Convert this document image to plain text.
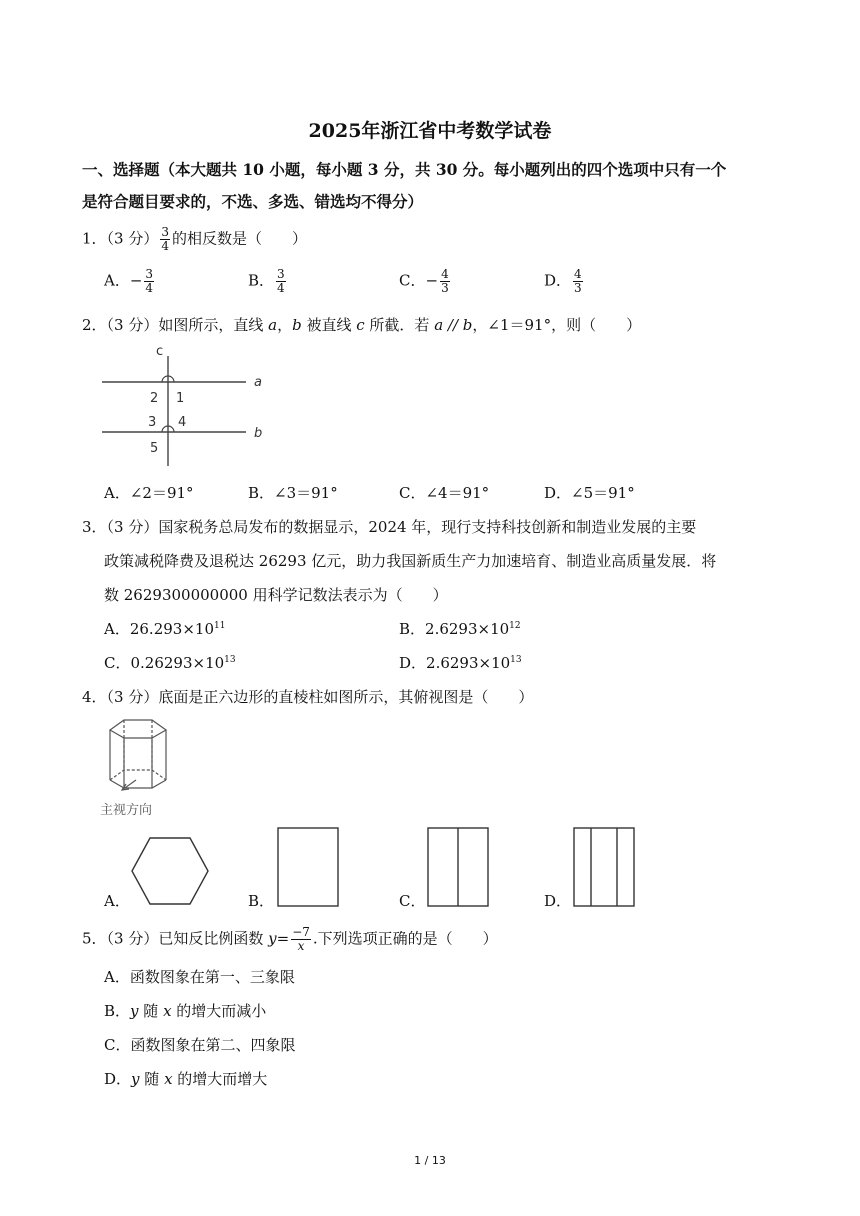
2025年浙江省中考数学试卷
一、选择题（本大题共 10 小题，每小题 3 分，共 30 分。每小题列出的四个选项中只有一个
是符合题目要求的，不选、多选、错选均不得分）
1．（3 分） $\frac{3}{4}$ 的相反数是（　　）
A．− $\frac{3}{4}$	B． $\frac{3}{4}$	C．− $\frac{4}{3}$	D． $\frac{4}{3}$
2．（3 分）如图所示，直线 a，b 被直线 c 所截．若 a // b，∠1＝91°，则（　　）
c
a
b
1
2
3 4
5
A．∠2＝91°	B．∠3＝91°	C．∠4＝91°	D．∠5＝91°
3．（3 分）国家税务总局发布的数据显示，2024 年，现行支持科技创新和制造业发展的主要
政策减税降费及退税达 26293 亿元，助力我国新质生产力加速培育、制造业高质量发展．将
数 2629300000000 用科学记数法表示为（　　）
A．$26.293\times 10^{11}$	B．$2.6293\times 10^{12}$
C．$0.26293\times 10^{13}$	D．$2.6293\times 10^{13}$
4．（3 分）底面是正六边形的直棱柱如图所示，其俯视图是（　　）
主视方向
A．	B．	C．	D．
5．（3 分）已知反比例函数 $y= \frac{-7}{x}$ .下列选项正确的是（　　）
A．函数图象在第一、三象限
B．y 随 x 的增大而减小
C．函数图象在第二、四象限
D．y 随 x 的增大而增大
1 / 13
